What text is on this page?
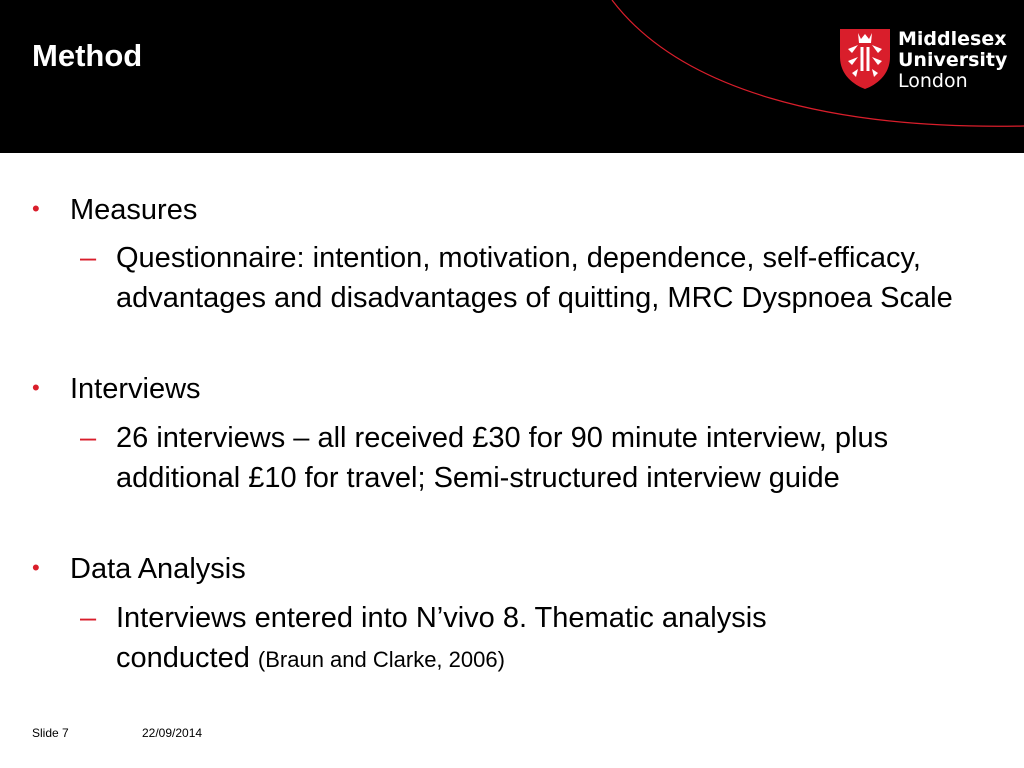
Method	Middlesex
University
London
• Measures
– Questionnaire: intention, motivation, dependence, self-efficacy, advantages and disadvantages of quitting, MRC Dyspnoea Scale
• Interviews
– 26 interviews – all received £30 for 90 minute interview, plus additional £10 for travel; Semi-structured interview guide
• Data Analysis
– Interviews entered into N’vivo 8. Thematic analysis conducted (Braun and Clarke, 2006)
Slide 7	22/09/2014
